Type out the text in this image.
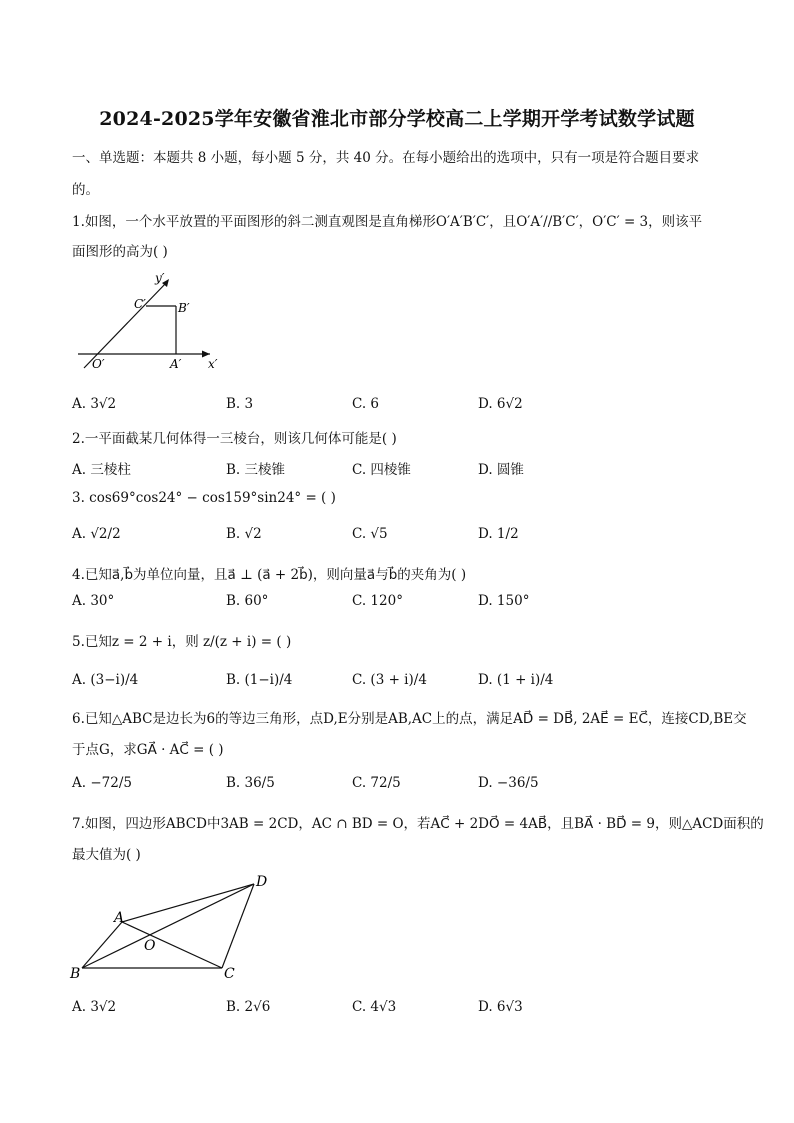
2024-2025学年安徽省淮北市部分学校高二上学期开学考试数学试题
一、单选题：本题共 8 小题，每小题 5 分，共 40 分。在每小题给出的选项中，只有一项是符合题目要求
的。
1.如图，一个水平放置的平面图形的斜二测直观图是直角梯形O′A′B′C′，且O′A′//B′C′，O′C′ = 3，则该平
面图形的高为( )
y′
x′
O′	A′
B′
C′
A. 3√2	B. 3	C. 6	D. 6√2
2.一平面截某几何体得一三棱台，则该几何体可能是( )
A. 三棱柱	B. 三棱锥	C. 四棱锥	D. 圆锥
3. cos69°cos24° − cos159°sin24° = ( )
A. √2/2	B. √2	C. √5	D. 1/2
4.已知a⃗,b⃗为单位向量，且a⃗ ⊥ (a⃗ + 2b⃗)，则向量a⃗与b⃗的夹角为( )
A. 30°	B. 60°	C. 120°	D. 150°
5.已知z = 2 + i，则 z/(z + i) = ( )
A. (3−i)/4	B. (1−i)/4	C. (3 + i)/4	D. (1 + i)/4
6.已知△ABC是边长为6的等边三角形，点D,E分别是AB,AC上的点，满足AD⃗ = DB⃗, 2AE⃗ = EC⃗，连接CD,BE交
于点G，求GA⃗ · AC⃗ = ( )
A. −72/5	B. 36/5	C. 72/5	D. −36/5
7.如图，四边形ABCD中3AB = 2CD，AC ∩ BD = O，若AC⃗ + 2DO⃗ = 4AB⃗，且BA⃗ · BD⃗ = 9，则△ACD面积的
最大值为( )
A
B	C
D
O
A. 3√2	B. 2√6	C. 4√3	D. 6√3
